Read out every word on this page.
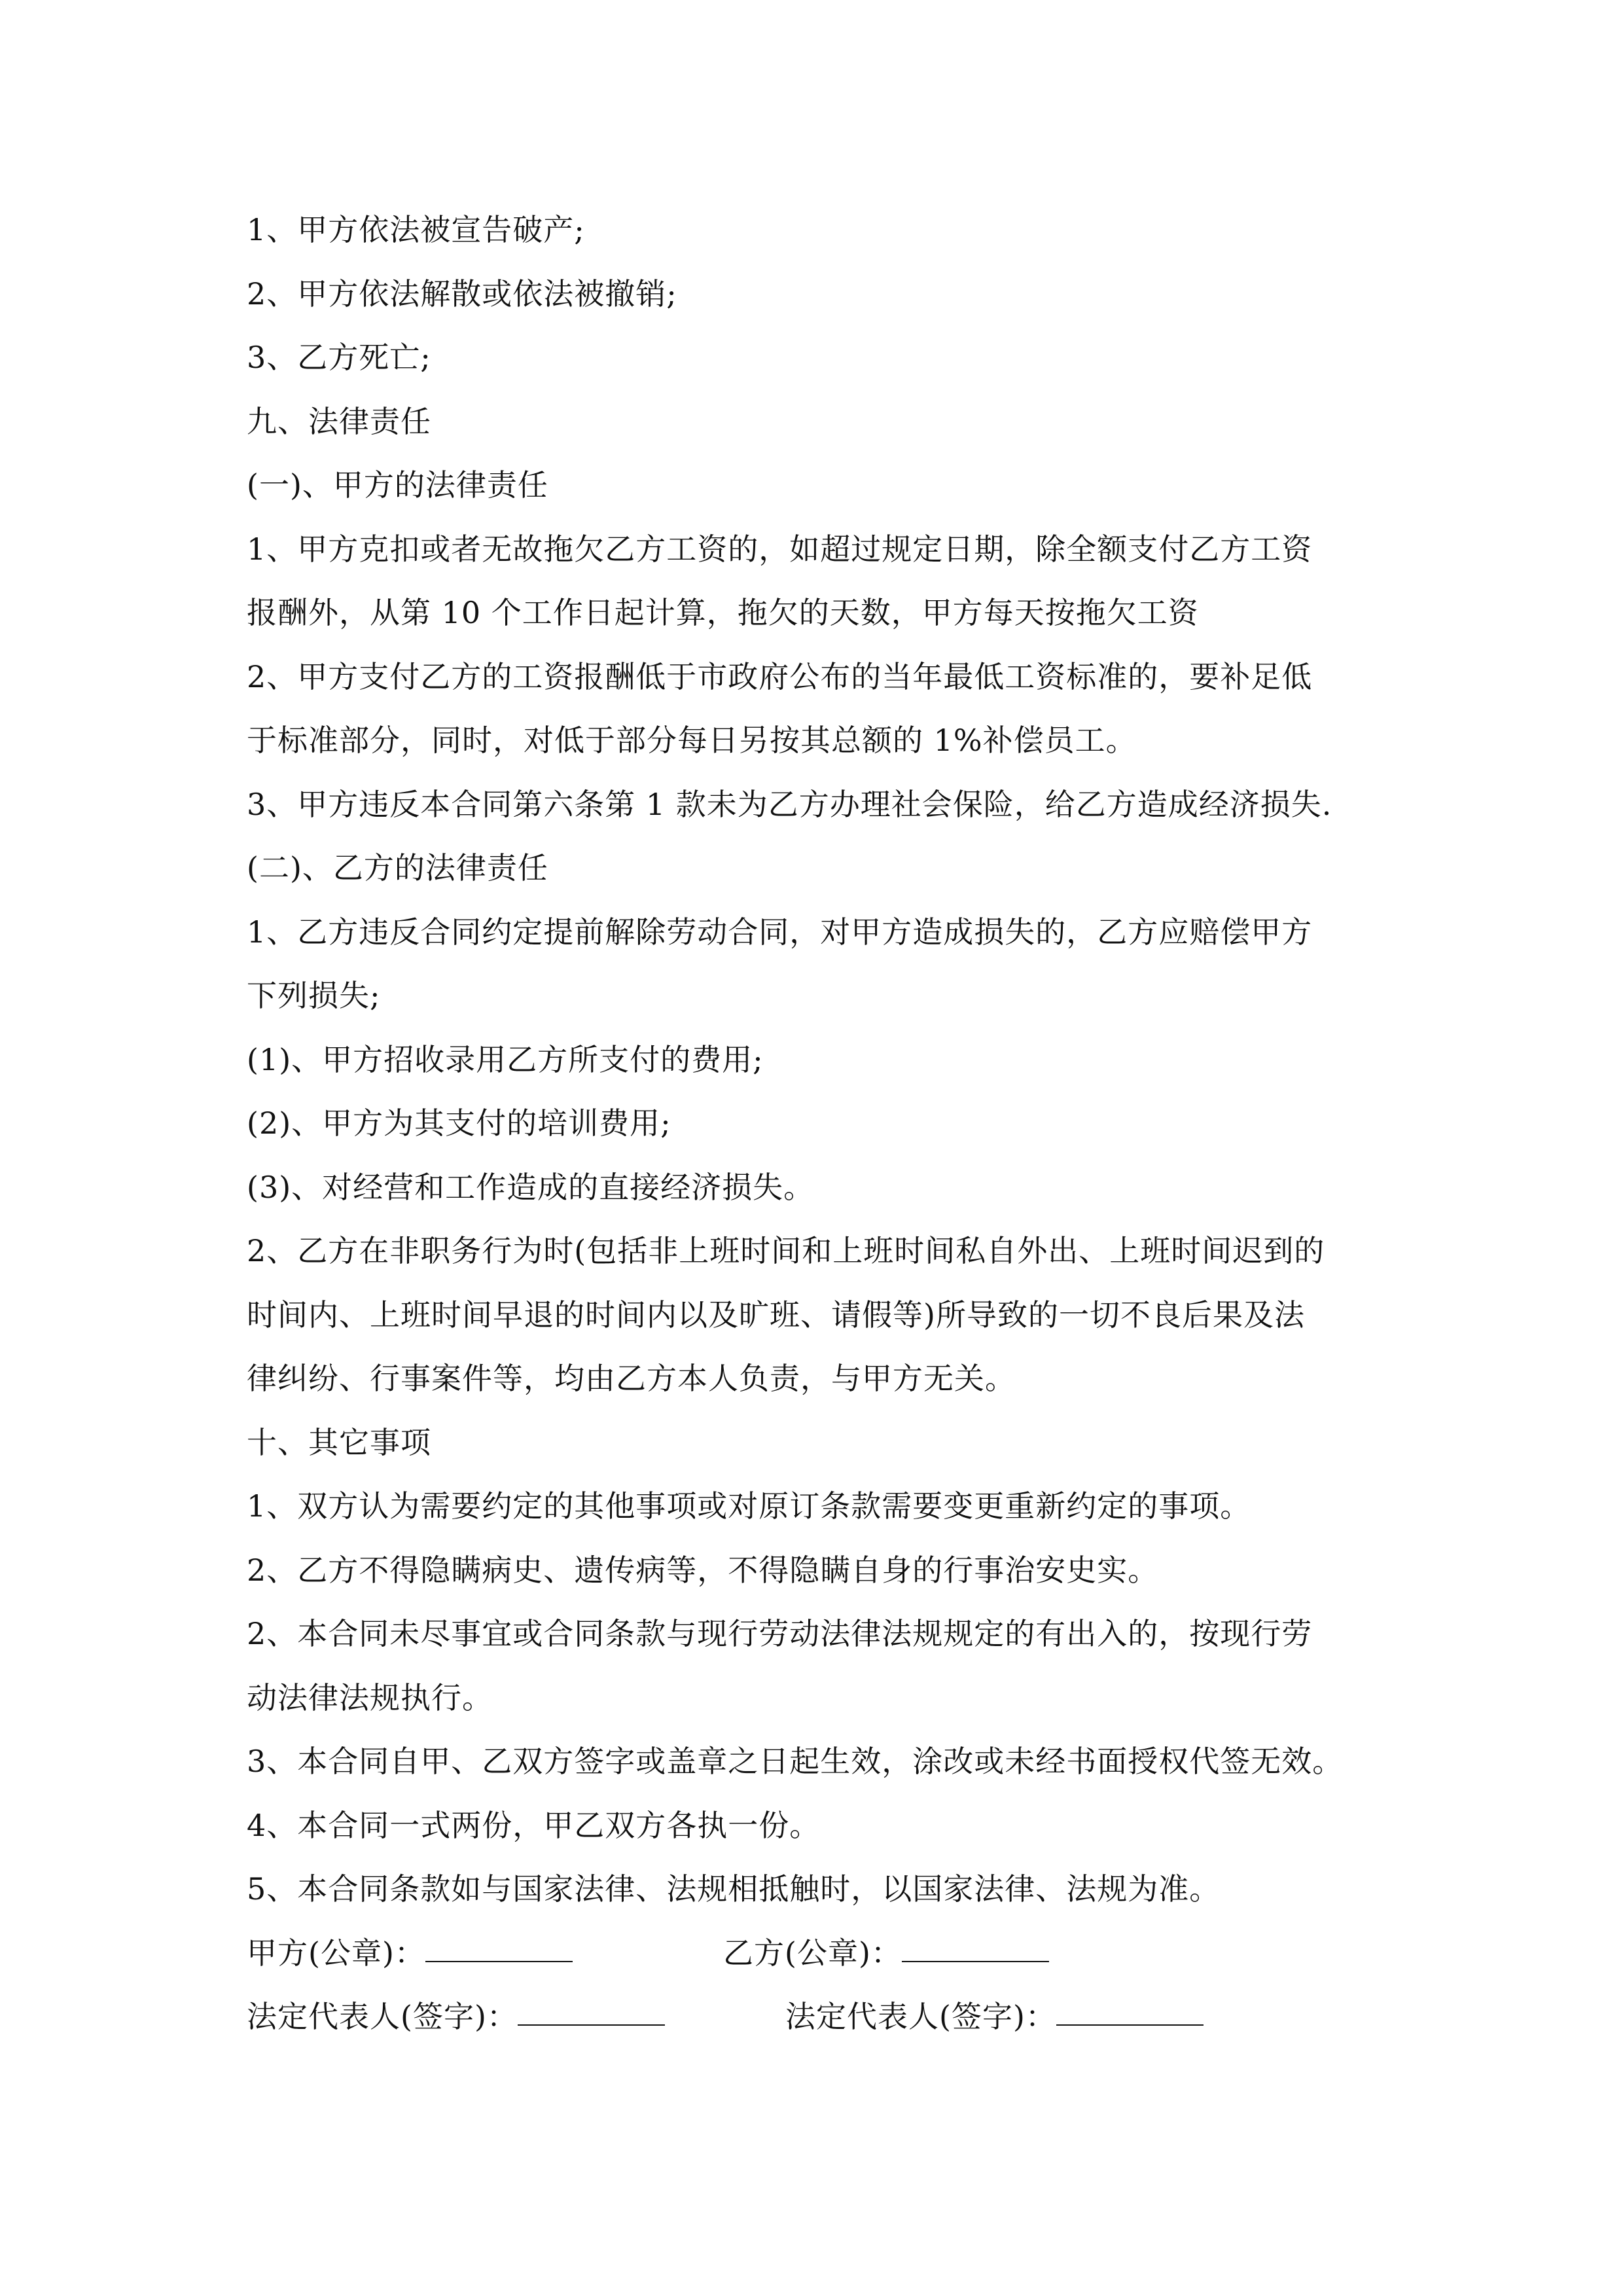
1、甲方依法被宣告破产;
2、甲方依法解散或依法被撤销;
3、乙方死亡;
九、法律责任
(一)、甲方的法律责任
1、甲方克扣或者无故拖欠乙方工资的，如超过规定日期，除全额支付乙方工资
报酬外，从第 10 个工作日起计算，拖欠的天数，甲方每天按拖欠工资
2、甲方支付乙方的工资报酬低于市政府公布的当年最低工资标准的，要补足低
于标准部分，同时，对低于部分每日另按其总额的 1%补偿员工。
3、甲方违反本合同第六条第 1 款未为乙方办理社会保险，给乙方造成经济损失.
(二)、乙方的法律责任
1、乙方违反合同约定提前解除劳动合同，对甲方造成损失的，乙方应赔偿甲方
下列损失;
(1)、甲方招收录用乙方所支付的费用;
(2)、甲方为其支付的培训费用;
(3)、对经营和工作造成的直接经济损失。
2、乙方在非职务行为时(包括非上班时间和上班时间私自外出、上班时间迟到的
时间内、上班时间早退的时间内以及旷班、请假等)所导致的一切不良后果及法
律纠纷、行事案件等，均由乙方本人负责，与甲方无关。
十、其它事项
1、双方认为需要约定的其他事项或对原订条款需要变更重新约定的事项。
2、乙方不得隐瞒病史、遗传病等，不得隐瞒自身的行事治安史实。
2、本合同未尽事宜或合同条款与现行劳动法律法规规定的有出入的，按现行劳
动法律法规执行。
3、本合同自甲、乙双方签字或盖章之日起生效，涂改或未经书面授权代签无效。
4、本合同一式两份，甲乙双方各执一份。
5、本合同条款如与国家法律、法规相抵触时，以国家法律、法规为准。
甲方(公章)：	乙方(公章)：
法定代表人(签字)：	法定代表人(签字)：
